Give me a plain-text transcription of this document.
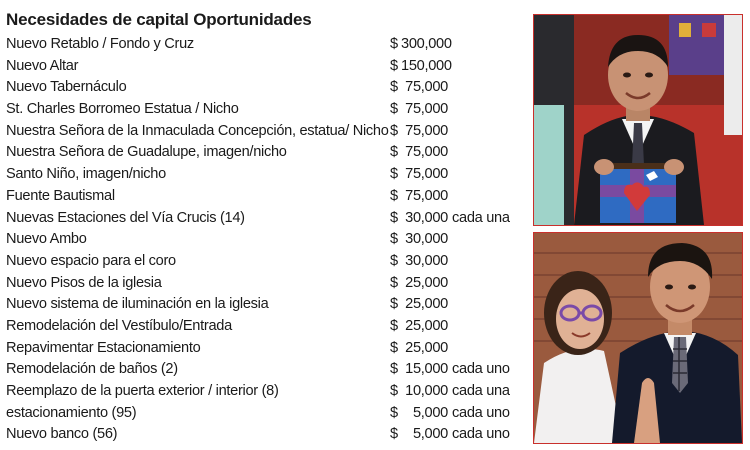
Necesidades de capital Oportunidades
Nuevo Retablo / Fondo y Cruz	$ 300,000
Nuevo Altar	$ 150,000
Nuevo Tabernáculo	$ 75,000
St. Charles Borromeo Estatua / Nicho	$ 75,000
Nuestra Señora de la Inmaculada Concepción, estatua/ Nicho $ 75,000
Nuestra Señora de Guadalupe, imagen/nicho	$ 75,000
Santo Niño, imagen/nicho	$ 75,000
Fuente Bautismal	$ 75,000
Nuevas Estaciones del Vía Crucis (14)	$ 30,000 cada una
Nuevo Ambo	$ 30,000
Nuevo espacio para el coro	$ 30,000
Nuevo Pisos de la iglesia	$ 25,000
Nuevo sistema de iluminación en la iglesia	$ 25,000
Remodelación del Vestíbulo/Entrada	$ 25,000
Repavimentar Estacionamiento	$ 25,000
Remodelación de baños (2)	$ 15,000 cada uno
Reemplazo de la puerta exterior / interior (8)	$ 10,000 cada una
estacionamiento (95)	$	5,000 cada uno
Nuevo banco (56)	$	5,000 cada uno
